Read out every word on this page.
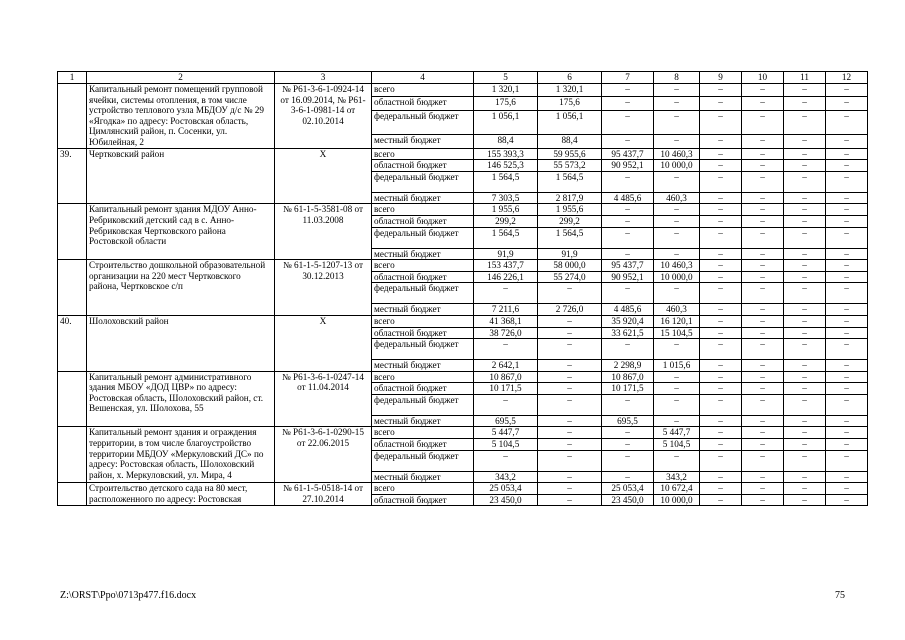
1	2	3	4	5	6	7	8	9	10	11	12
	Капитальный ремонт помещений групповой ячейки, системы отопления, в том числе устройство теплового узла МБДОУ д/с № 29 «Ягодка» по адресу: Ростовская область, Цимлянский район, п. Сосенки, ул. Юбилейная, 2	№ Р61-3-6-1-0924-14 от 16.09.2014, № Р61-3-6-1-0981-14 от 02.10.2014	всего	1 320,1	1 320,1	–	–	–	–	–	–
			областной бюджет	175,6	175,6	–	–	–	–	–	–
			федеральный бюджет	1 056,1	1 056,1	–	–	–	–	–	–
			местный бюджет	88,4	88,4	–	–	–	–	–	–
39.	Чертковский район	Х	всего	155 393,3	59 955,6	95 437,7	10 460,3	–	–	–	–
			областной бюджет	146 525,3	55 573,2	90 952,1	10 000,0	–	–	–	–
			федеральный бюджет	1 564,5	1 564,5	–	–	–	–	–	–
			местный бюджет	7 303,5	2 817,9	4 485,6	460,3	–	–	–	–
	Капитальный ремонт здания МДОУ Анно-Ребриковский детский сад в с. Анно-Ребриковская Чертковского района Ростовской области	№ 61-1-5-3581-08 от 11.03.2008	всего	1 955,6	1 955,6	–	–	–	–	–	–
			областной бюджет	299,2	299,2	–	–	–	–	–	–
			федеральный бюджет	1 564,5	1 564,5	–	–	–	–	–	–
			местный бюджет	91,9	91,9	–	–	–	–	–	–
	Строительство дошкольной образовательной организации на 220 мест Чертковского района, Чертковское с/п	№ 61-1-5-1207-13 от 30.12.2013	всего	153 437,7	58 000,0	95 437,7	10 460,3	–	–	–	–
			областной бюджет	146 226,1	55 274,0	90 952,1	10 000,0	–	–	–	–
			федеральный бюджет	–	–	–	–	–	–	–	–
			местный бюджет	7 211,6	2 726,0	4 485,6	460,3	–	–	–	–
40.	Шолоховский район	Х	всего	41 368,1	–	35 920,4	16 120,1	–	–	–	–
			областной бюджет	38 726,0	–	33 621,5	15 104,5	–	–	–	–
			федеральный бюджет	–	–	–	–	–	–	–	–
			местный бюджет	2 642,1	–	2 298,9	1 015,6	–	–	–	–
	Капитальный ремонт административного здания МБОУ «ДОД ЦВР» по адресу: Ростовская область, Шолоховский район, ст. Вешенская, ул. Шолохова, 55	№ Р61-3-6-1-0247-14 от 11.04.2014	всего	10 867,0	–	10 867,0	–	–	–	–	–
			областной бюджет	10 171,5	–	10 171,5	–	–	–	–	–
			федеральный бюджет	–	–	–	–	–	–	–	–
			местный бюджет	695,5	–	695,5	–	–	–	–	–
	Капитальный ремонт здания и ограждения территории, в том числе благоустройство территории МБДОУ «Меркуловский ДС» по адресу: Ростовская область, Шолоховский район, х. Меркуловский, ул. Мира, 4	№ Р61-3-6-1-0290-15 от 22.06.2015	всего	5 447,7	–	–	5 447,7	–	–	–	–
			областной бюджет	5 104,5	–	–	5 104,5	–	–	–	–
			федеральный бюджет	–	–	–	–	–	–	–	–
			местный бюджет	343,2	–	–	343,2	–	–	–	–
	Строительство детского сада на 80 мест, расположенного по адресу: Ростовская	№ 61-1-5-0518-14 от 27.10.2014	всего	25 053,4	–	25 053,4	10 672,4	–	–	–	–
			областной бюджет	23 450,0	–	23 450,0	10 000,0	–	–	–	–
Z:\ORST\Ppo\0713p477.f16.docx	75
